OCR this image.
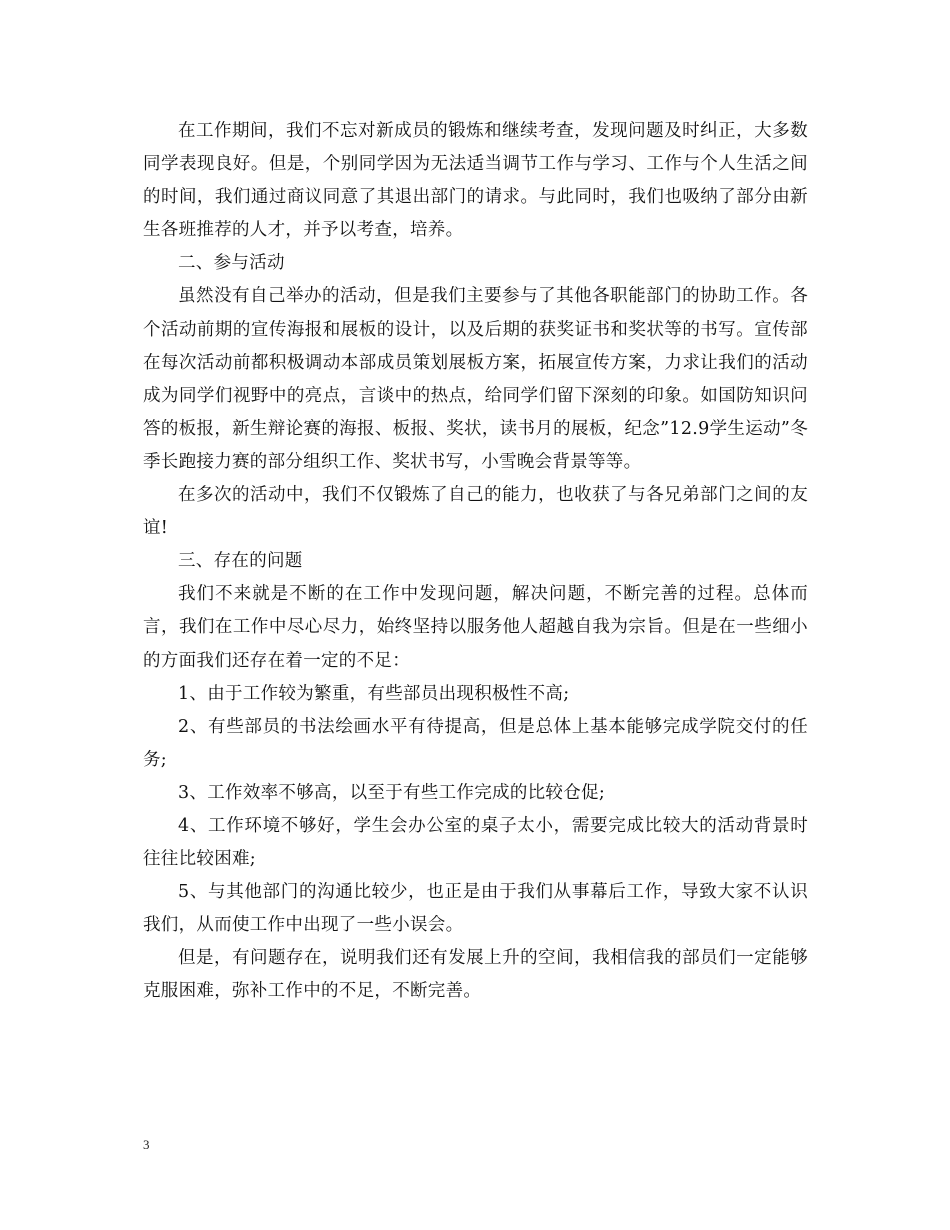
在工作期间，我们不忘对新成员的锻炼和继续考查，发现问题及时纠正，大多数同学表现良好。但是，个别同学因为无法适当调节工作与学习、工作与个人生活之间的时间，我们通过商议同意了其退出部门的请求。与此同时，我们也吸纳了部分由新生各班推荐的人才，并予以考查，培养。

二、参与活动

虽然没有自己举办的活动，但是我们主要参与了其他各职能部门的协助工作。各个活动前期的宣传海报和展板的设计，以及后期的获奖证书和奖状等的书写。宣传部在每次活动前都积极调动本部成员策划展板方案，拓展宣传方案，力求让我们的活动成为同学们视野中的亮点，言谈中的热点，给同学们留下深刻的印象。如国防知识问答的板报，新生辩论赛的海报、板报、奖状，读书月的展板，纪念”12.9学生运动”冬季长跑接力赛的部分组织工作、奖状书写，小雪晚会背景等等。

在多次的活动中，我们不仅锻炼了自己的能力，也收获了与各兄弟部门之间的友谊!

三、存在的问题

我们不来就是不断的在工作中发现问题，解决问题，不断完善的过程。总体而言，我们在工作中尽心尽力，始终坚持以服务他人超越自我为宗旨。但是在一些细小的方面我们还存在着一定的不足：

1、由于工作较为繁重，有些部员出现积极性不高;

2、有些部员的书法绘画水平有待提高，但是总体上基本能够完成学院交付的任务;

3、工作效率不够高，以至于有些工作完成的比较仓促;

4、工作环境不够好，学生会办公室的桌子太小，需要完成比较大的活动背景时往往比较困难;

5、与其他部门的沟通比较少，也正是由于我们从事幕后工作，导致大家不认识我们，从而使工作中出现了一些小误会。

但是，有问题存在，说明我们还有发展上升的空间，我相信我的部员们一定能够克服困难，弥补工作中的不足，不断完善。

3
